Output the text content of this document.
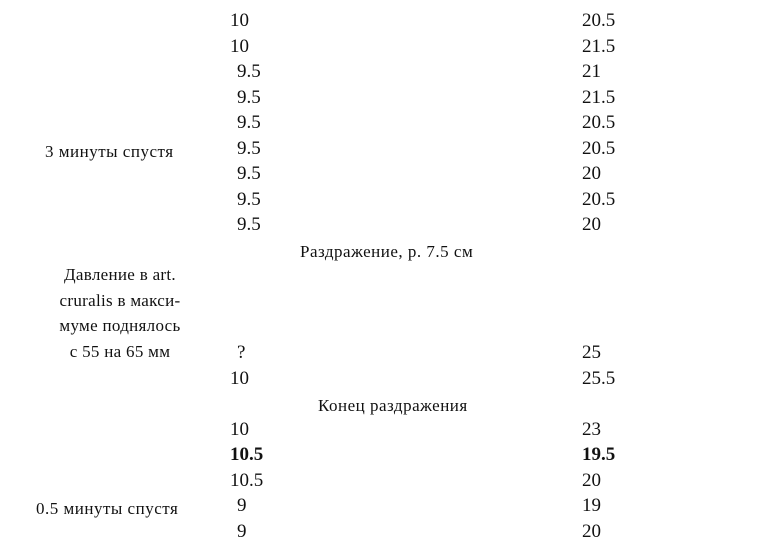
10	20.5
10	21.5
9.5	21
9.5	21.5
9.5	20.5
3 минуты спустя	9.5	20.5
9.5	20
9.5	20.5
9.5	20
Раздражение, р. 7.5 см
Давление в art.
cruralis в макси-
муме поднялось
с 55 на 65 мм	?	25
10	25.5
Конец раздражения
10	23
10.5	19.5
10.5	20
0.5 минуты спустя	9	19
9	20
